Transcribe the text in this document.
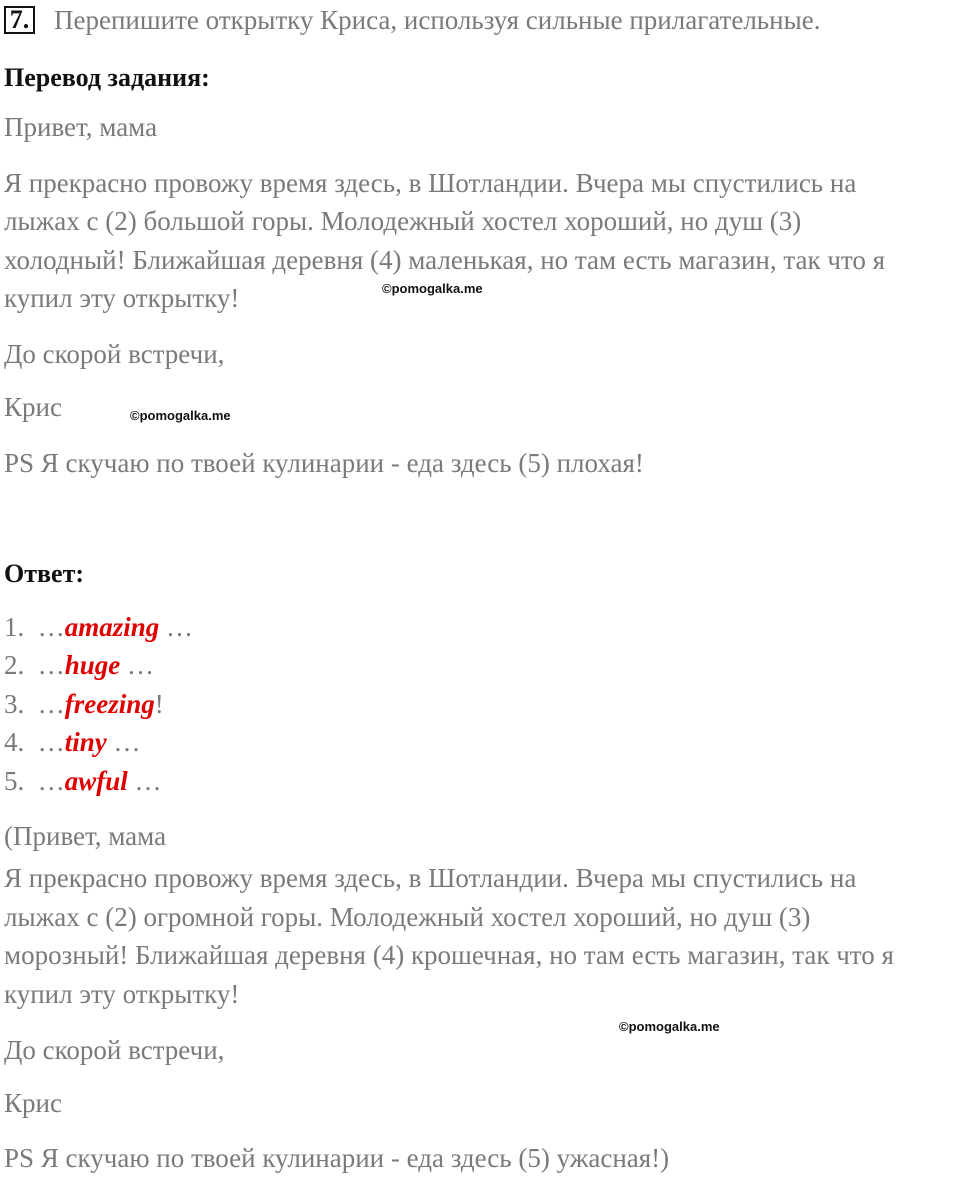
7. Перепишите открытку Криса, используя сильные прилагательные.
Перевод задания:
Привет, мама
Я прекрасно провожу время здесь, в Шотландии. Вчера мы спустились на
лыжах с (2) большой горы. Молодежный хостел хороший, но душ (3)
холодный! Ближайшая деревня (4) маленькая, но там есть магазин, так что я
купил эту открытку!	©pomogalka.me
До скорой встречи,
Крис	©pomogalka.me
PS Я скучаю по твоей кулинарии - еда здесь (5) плохая!
Ответ:
1. …amazing …
2. …huge …
3. …freezing!
4. …tiny …
5. …awful …
(Привет, мама
Я прекрасно провожу время здесь, в Шотландии. Вчера мы спустились на
лыжах с (2) огромной горы. Молодежный хостел хороший, но душ (3)
морозный! Ближайшая деревня (4) крошечная, но там есть магазин, так что я
купил эту открытку!
©pomogalka.me
До скорой встречи,
Крис
PS Я скучаю по твоей кулинарии - еда здесь (5) ужасная!)
